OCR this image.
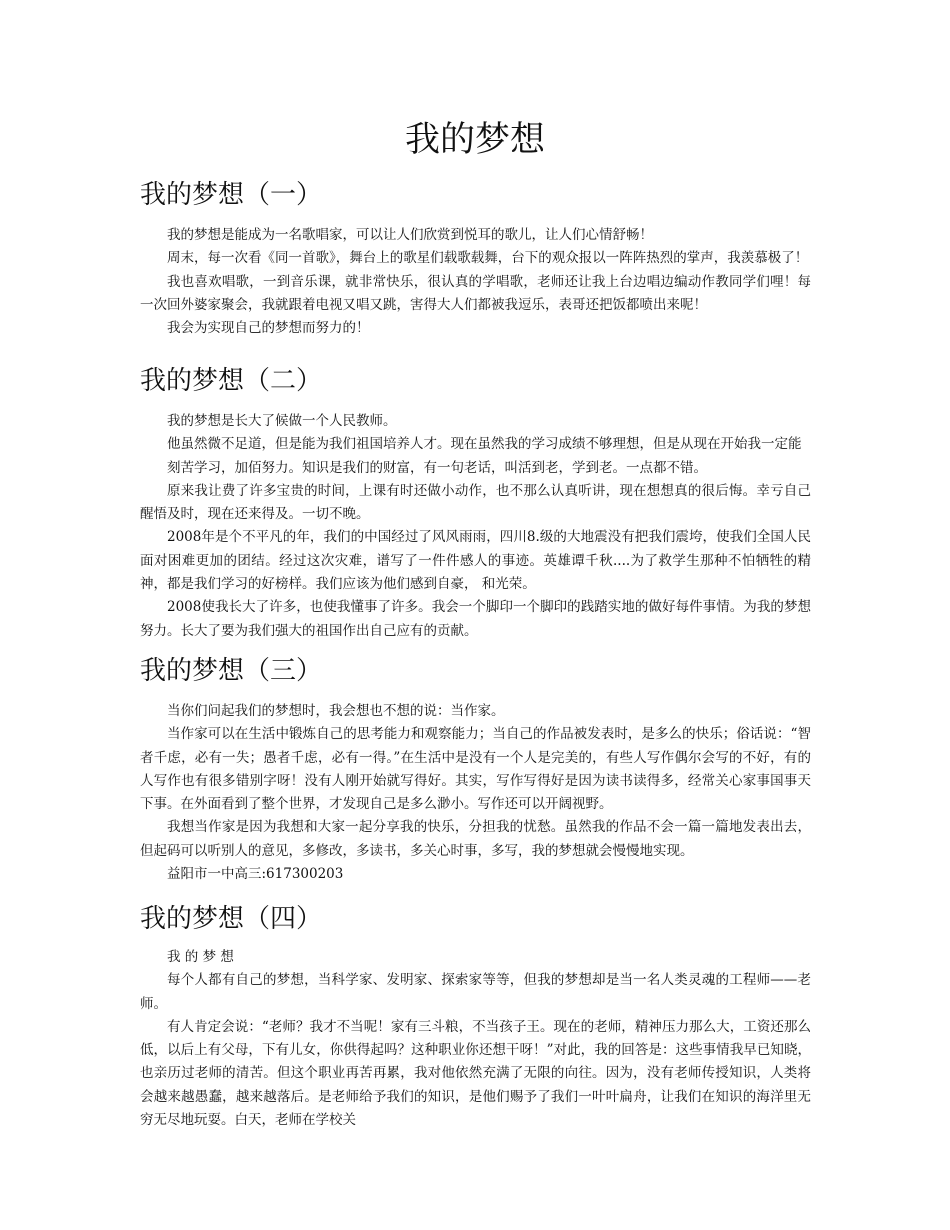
我的梦想
我的梦想（一）

我的梦想是能成为一名歌唱家，可以让人们欣赏到悦耳的歌儿，让人们心情舒畅！

周末，每一次看《同一首歌》，舞台上的歌星们载歌载舞，台下的观众报以一阵阵热烈的掌声，我羡慕极了！

我也喜欢唱歌，一到音乐课，就非常快乐，很认真的学唱歌，老师还让我上台边唱边编动作教同学们哩！每一次回外婆家聚会，我就跟着电视又唱又跳，害得大人们都被我逗乐，表哥还把饭都喷出来呢！

我会为实现自己的梦想而努力的！

我的梦想（二）

我的梦想是长大了候做一个人民教师。

他虽然微不足道，但是能为我们祖国培养人才。现在虽然我的学习成绩不够理想，但是从现在开始我一定能

刻苦学习，加佰努力。知识是我们的财富，有一句老话，叫活到老，学到老。一点都不错。

原来我让费了许多宝贵的时间，上课有时还做小动作，也不那么认真听讲，现在想想真的很后悔。幸亏自己醒悟及时，现在还来得及。一切不晚。

2008年是个不平凡的年，我们的中国经过了风风雨雨，四川8.级的大地震没有把我们震垮，使我们全国人民面对困难更加的团结。经过这次灾难，谱写了一件件感人的事迹。英雄谭千秋....为了救学生那种不怕牺牲的精神，都是我们学习的好榜样。我们应该为他们感到自豪， 和光荣。

2008使我长大了许多，也使我懂事了许多。我会一个脚印一个脚印的践踏实地的做好每件事情。为我的梦想努力。长大了要为我们强大的祖国作出自己应有的贡献。

我的梦想（三）

当你们问起我们的梦想时，我会想也不想的说：当作家。

当作家可以在生活中锻炼自己的思考能力和观察能力；当自己的作品被发表时，是多么的快乐；俗话说：“智者千虑，必有一失；愚者千虑，必有一得。”在生活中是没有一个人是完美的，有些人写作偶尔会写的不好，有的人写作也有很多错别字呀！没有人刚开始就写得好。其实，写作写得好是因为读书读得多，经常关心家事国事天下事。在外面看到了整个世界，才发现自己是多么渺小。写作还可以开阔视野。

我想当作家是因为我想和大家一起分享我的快乐，分担我的忧愁。虽然我的作品不会一篇一篇地发表出去，但起码可以听别人的意见，多修改，多读书，多关心时事，多写，我的梦想就会慢慢地实现。

益阳市一中高三:617300203

我的梦想（四）

我 的 梦 想

每个人都有自己的梦想，当科学家、发明家、探索家等等，但我的梦想却是当一名人类灵魂的工程师——老师。

有人肯定会说：“老师？我才不当呢！家有三斗粮，不当孩子王。现在的老师，精神压力那么大，工资还那么低，以后上有父母，下有儿女，你供得起吗？这种职业你还想干呀！”对此，我的回答是：这些事情我早已知晓，也亲历过老师的清苦。但这个职业再苦再累，我对他依然充满了无限的向往。因为，没有老师传授知识，人类将会越来越愚蠢，越来越落后。是老师给予我们的知识，是他们赐予了我们一叶叶扁舟，让我们在知识的海洋里无穷无尽地玩耍。白天，老师在学校关
